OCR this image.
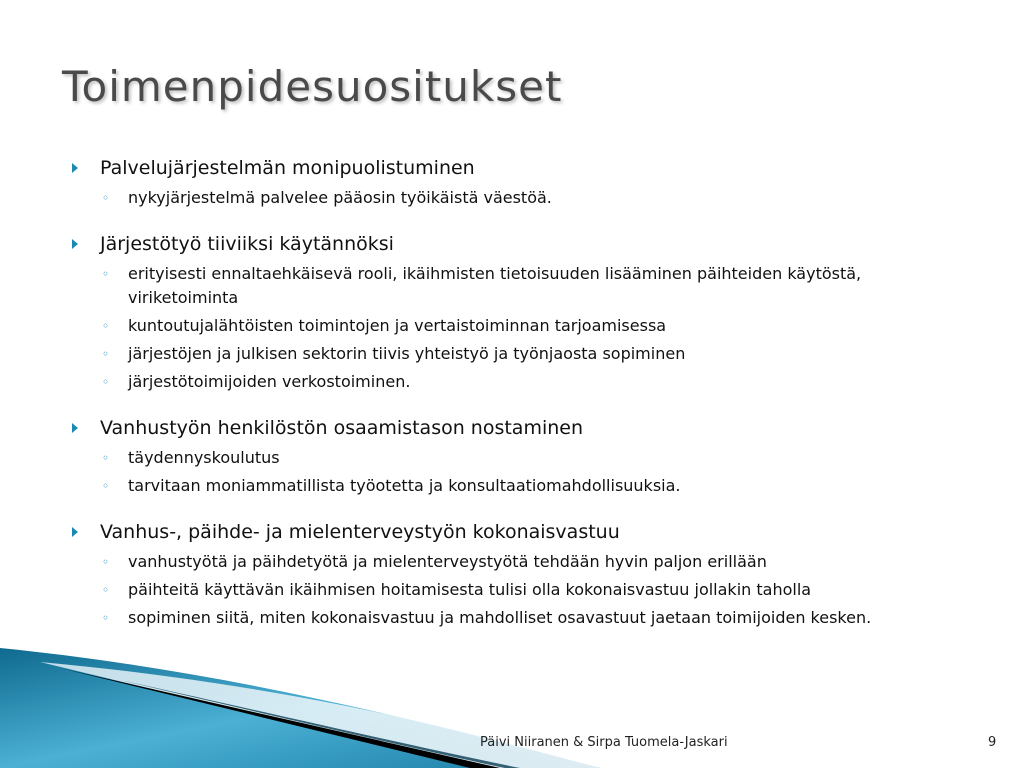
Toimenpidesuositukset
Palvelujärjestelmän monipuolistuminen
◦ nykyjärjestelmä palvelee pääosin työikäistä väestöä.
Järjestötyö tiiviiksi käytännöksi
◦ erityisesti ennaltaehkäisevä rooli, ikäihmisten tietoisuuden lisääminen päihteiden käytöstä, viriketoiminta
◦ kuntoutujalähtöisten toimintojen ja vertaistoiminnan tarjoamisessa
◦ järjestöjen ja julkisen sektorin tiivis yhteistyö ja työnjaosta sopiminen
◦ järjestötoimijoiden verkostoiminen.
Vanhustyön henkilöstön osaamistason nostaminen
◦ täydennyskoulutus
◦ tarvitaan moniammatillista työotetta ja konsultaatiomahdollisuuksia.
Vanhus-, päihde- ja mielenterveystyön kokonaisvastuu
◦ vanhustyötä ja päihdetyötä ja mielenterveystyötä tehdään hyvin paljon erillään
◦ päihteitä käyttävän ikäihmisen hoitamisesta tulisi olla kokonaisvastuu jollakin taholla
◦ sopiminen siitä, miten kokonaisvastuu ja mahdolliset osavastuut jaetaan toimijoiden kesken.
Päivi Niiranen & Sirpa Tuomela-Jaskari	9
